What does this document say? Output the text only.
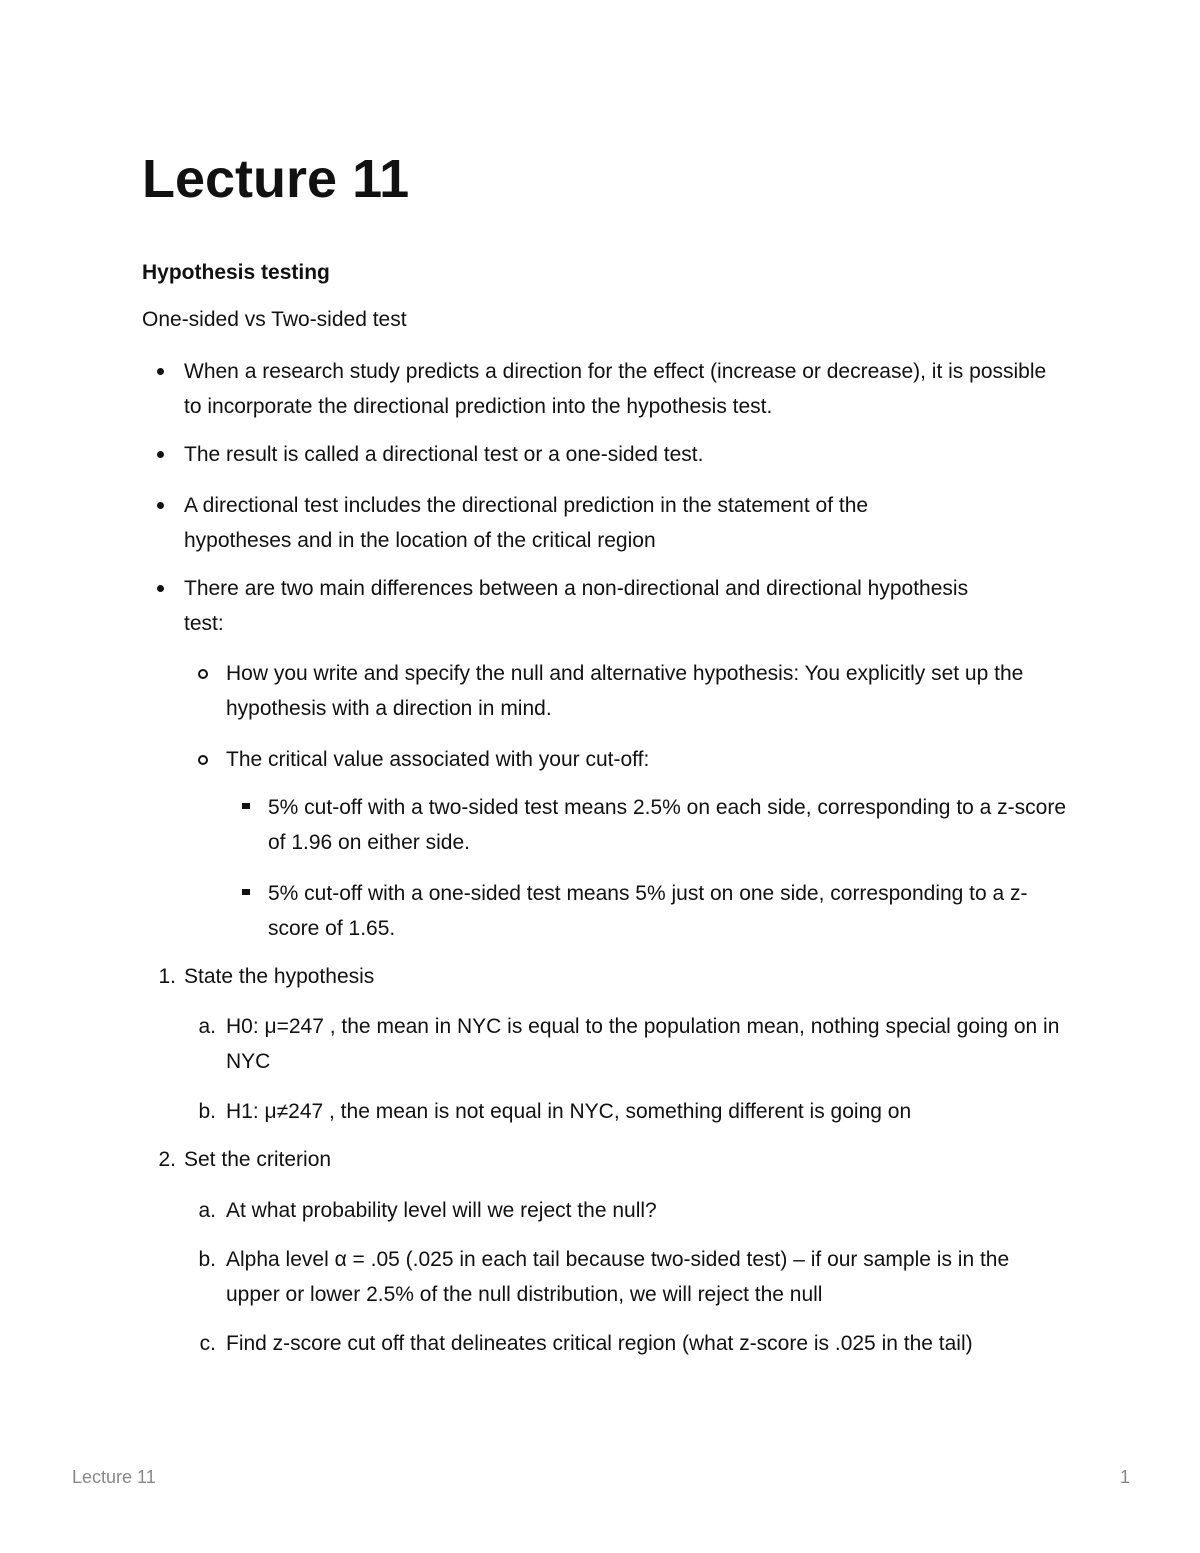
Lecture 11
Hypothesis testing
One-sided vs Two-sided test

When a research study predicts a direction for the effect (increase or decrease), it is possible to incorporate the directional prediction into the hypothesis test.

The result is called a directional test or a one-sided test.

A directional test includes the directional prediction in the statement of the hypotheses and in the location of the critical region

There are two main differences between a non-directional and directional hypothesis test:

How you write and specify the null and alternative hypothesis: You explicitly set up the hypothesis with a direction in mind.

The critical value associated with your cut-off:

5% cut-off with a two-sided test means 2.5% on each side, corresponding to a z-score of 1.96 on either side.

5% cut-off with a one-sided test means 5% just on one side, corresponding to a z-score of 1.65.

1. State the hypothesis

a. H0: μ=247 , the mean in NYC is equal to the population mean, nothing special going on in NYC

b. H1: μ≠247 , the mean is not equal in NYC, something different is going on

2. Set the criterion

a. At what probability level will we reject the null?

b. Alpha level α = .05 (.025 in each tail because two-sided test) – if our sample is in the upper or lower 2.5% of the null distribution, we will reject the null

c. Find z-score cut off that delineates critical region (what z-score is .025 in the tail)

Lecture 11	1
